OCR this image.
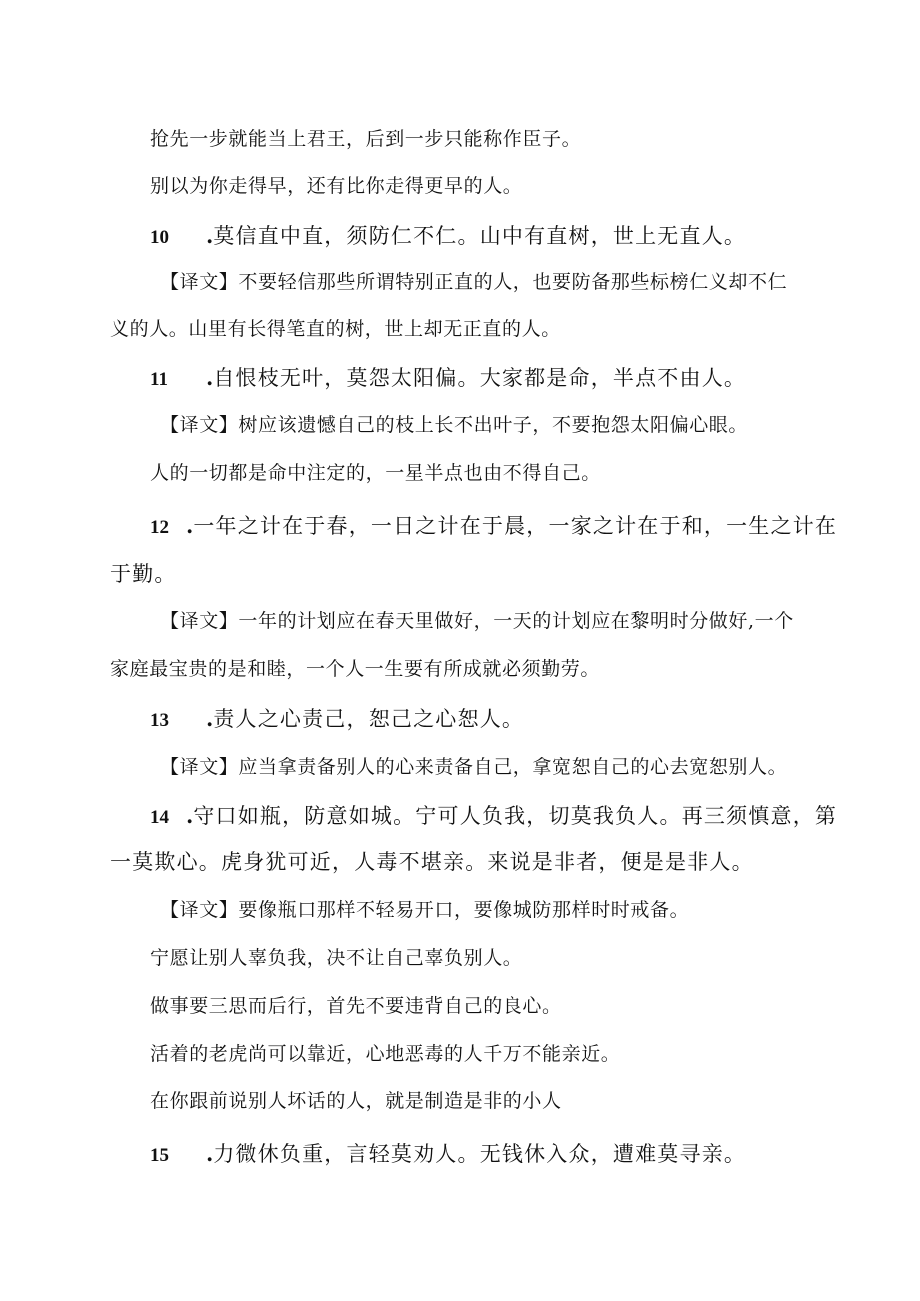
抢先一步就能当上君王，后到一步只能称作臣子。
别以为你走得早，还有比你走得更早的人。
10 .莫信直中直，须防仁不仁。山中有直树，世上无直人。
【译文】不要轻信那些所谓特别正直的人，也要防备那些标榜仁义却不仁
义的人。山里有长得笔直的树，世上却无正直的人。
11 .自恨枝无叶，莫怨太阳偏。大家都是命，半点不由人。
【译文】树应该遗憾自己的枝上长不出叶子，不要抱怨太阳偏心眼。
人的一切都是命中注定的，一星半点也由不得自己。
12 .一年之计在于春，一日之计在于晨，一家之计在于和，一生之计在
于勤。
【译文】一年的计划应在春天里做好，一天的计划应在黎明时分做好,一个
家庭最宝贵的是和睦，一个人一生要有所成就必须勤劳。
13 .责人之心责己，恕己之心恕人。
【译文】应当拿责备别人的心来责备自己，拿宽恕自己的心去宽恕别人。
14 .守口如瓶，防意如城。宁可人负我，切莫我负人。再三须慎意，第
一莫欺心。虎身犹可近，人毒不堪亲。来说是非者，便是是非人。
【译文】要像瓶口那样不轻易开口，要像城防那样时时戒备。
宁愿让别人辜负我，决不让自己辜负别人。
做事要三思而后行，首先不要违背自己的良心。
活着的老虎尚可以靠近，心地恶毒的人千万不能亲近。
在你跟前说别人坏话的人，就是制造是非的小人
15 .力微休负重，言轻莫劝人。无钱休入众，遭难莫寻亲。
